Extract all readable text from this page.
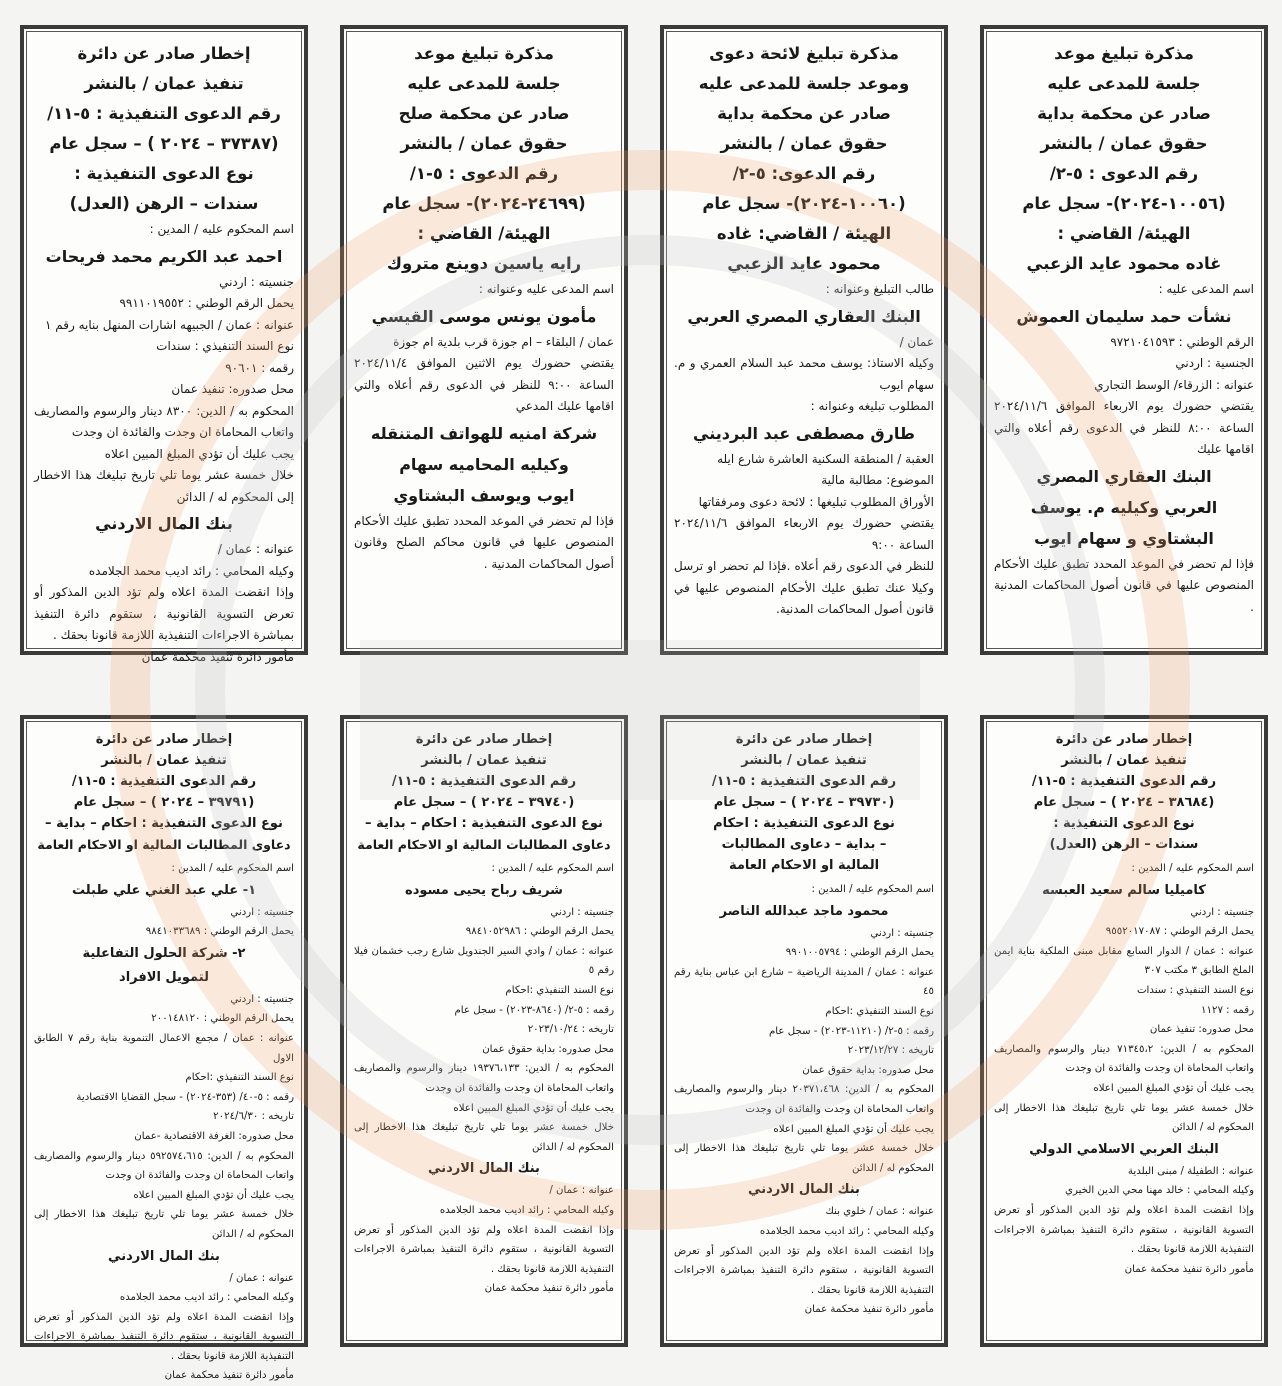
مذكرة تبليغ موعد

جلسة للمدعى عليه

صادر عن محكمة بداية

حقوق عمان / بالنشر

رقم الدعوى : ٥-٢/

(١٠٠٥٦-٢٠٢٤)- سجل عام

الهيئة/ القاضي :

غاده محمود عايد الزعبي

اسم المدعى عليه :

نشأت حمد سليمان العموش

الرقم الوطني : ٩٧٢١٠٤١٥٩٣

الجنسية : اردني

عنوانه : الزرقاء/ الوسط التجاري

يقتضي حضورك يوم الاربعاء الموافق ٢٠٢٤/١١/٦ الساعة ٨:٠٠ للنظر في الدعوى رقم أعلاه والتي اقامها عليك

البنك العقاري المصري

العربي وكيليه م. يوسف

البشتاوي و سهام ايوب

فإذا لم تحضر في الموعد المحدد تطبق عليك الأحكام المنصوص عليها في قانون أصول المحاكمات المدنية .

مذكرة تبليغ لائحة دعوى

وموعد جلسة للمدعى عليه

صادر عن محكمة بداية

حقوق عمان / بالنشر

رقم الدعوى: ٥-٢/

(١٠٠٦٠-٢٠٢٤)- سجل عام

الهيئة / القاضي: غاده

محمود عايد الزعبي

طالب التبليغ وعنوانه :

البنك العقاري المصري العربي

عمان /

وكيله الاستاذ: يوسف محمد عبد السلام العمري و م. سهام ايوب

المطلوب تبليغه وعنوانه :

طارق مصطفى عبد البرديني

العقبة / المنطقة السكنية العاشرة شارع ايله

الموضوع: مطالبة مالية

الأوراق المطلوب تبليغها : لائحة دعوى ومرفقاتها

يقتضي حضورك يوم الاربعاء الموافق ٢٠٢٤/١١/٦ الساعة ٩:٠٠

للنظر في الدعوى رقم أعلاه .فإذا لم تحضر او ترسل وكيلا عنك تطبق عليك الأحكام المنصوص عليها في قانون أصول المحاكمات المدنية.

مذكرة تبليغ موعد

جلسة للمدعى عليه

صادر عن محكمة صلح

حقوق عمان / بالنشر

رقم الدعوى : ٥-١/

(٢٤٦٩٩-٢٠٢٤)- سجل عام

الهيئة/ القاضي :

رايه ياسين دوينع متروك

اسم المدعى عليه وعنوانه :

مأمون يونس موسى القيسي

عمان / البلقاء – ام جوزة قرب بلدية ام جوزة

يقتضي حضورك يوم الاثنين الموافق ٢٠٢٤/١١/٤ الساعة ٩:٠٠ للنظر في الدعوى رقم أعلاه والتي اقامها عليك المدعي

شركة امنيه للهواتف المتنقله

وكيليه المحاميه سهام

ايوب ويوسف البشتاوي

فإذا لم تحضر في الموعد المحدد تطبق عليك الأحكام المنصوص عليها في قانون محاكم الصلح وقانون أصول المحاكمات المدنية .

إخطار صادر عن دائرة

تنفيذ عمان / بالنشر

رقم الدعوى التنفيذية : ٥-١١/

(٣٧٣٨٧ – ٢٠٢٤ ) – سجل عام

نوع الدعوى التنفيذية :

سندات – الرهن (العدل)

اسم المحكوم عليه / المدين :

احمد عبد الكريم محمد فريحات

جنسيته : اردني

يحمل الرقم الوطني : ٩٩١١٠١٩٥٥٢

عنوانه : عمان / الجبيهه اشارات المنهل بنايه رقم ١

نوع السند التنفيذي : سندات

رقمه : ٩٠٦٠١

محل صدوره: تنفيذ عمان

المحكوم به / الدين: ٨٣٠٠ دينار والرسوم والمصاريف واتعاب المحاماة ان وجدت والفائدة ان وجدت

يجب عليك أن تؤدي المبلغ المبين اعلاه

خلال خمسة عشر يوما تلي تاريخ تبليغك هذا الاخطار إلى المحكوم له / الدائن

بنك المال الاردني

عنوانه : عمان /

وكيله المحامي : رائد اديب محمد الجلامده

وإذا انقضت المدة اعلاه ولم تؤد الدين المذكور أو تعرض التسوية القانونية ، ستقوم دائرة التنفيذ بمباشرة الاجراءات التنفيذية اللازمة قانونا بحقك .

مأمور دائرة تنفيذ محكمة عمان

إخطار صادر عن دائرة

تنفيذ عمان / بالنشر

رقم الدعوى التنفيذية : ٥-١١/

(٣٨٦٨٤ – ٢٠٢٤ ) – سجل عام

نوع الدعوى التنفيذية :

سندات – الرهن (العدل)

اسم المحكوم عليه / المدين :

كاميليا سالم سعيد العبسه

جنسيته : اردني

يحمل الرقم الوطني : ٩٥٥٢٠١٧٠٨٧

عنوانه : عمان / الدوار السابع مقابل مبنى الملكية بناية ايمن الملخ الطابق ٣ مكتب ٣٠٧

نوع السند التنفيذي : سندات

رقمه : ١١٢٧

محل صدوره: تنفيذ عمان

المحكوم به / الدين: ٧١٣٤٥،٢ دينار والرسوم والمصاريف واتعاب المحاماة ان وجدت والفائدة ان وجدت

يجب عليك أن تؤدي المبلغ المبين اعلاه

خلال خمسة عشر يوما تلي تاريخ تبليغك هذا الاخطار إلى المحكوم له / الدائن

البنك العربي الاسلامي الدولي

عنوانه : الطفيلة / مبنى البلدية

وكيله المحامي : خالد مهنا محي الدين الخيري

وإذا انقضت المدة اعلاه ولم تؤد الدين المذكور أو تعرض التسوية القانونية ، ستقوم دائرة التنفيذ بمباشرة الاجراءات التنفيذية اللازمة قانونا بحقك .

مأمور دائرة تنفيذ محكمة عمان

إخطار صادر عن دائرة

تنفيذ عمان / بالنشر

رقم الدعوى التنفيذية : ٥-١١/

(٣٩٧٣٠ – ٢٠٢٤ ) – سجل عام

نوع الدعوى التنفيذية : احكام

– بداية – دعاوى المطالبات

المالية او الاحكام العامة

اسم المحكوم عليه / المدين :

محمود ماجد عبدالله الناصر

جنسيته : اردني

يحمل الرقم الوطني : ٩٩٠١٠٠٥٧٩٤

عنوانه : عمان / المدينة الرياضية – شارع ابن عباس بناية رقم ٤٥

نوع السند التنفيذي :احكام

رقمه : ٥-٢/ (١١٢١٠-٢٠٢٣) - سجل عام

تاريخه : ٢٠٢٣/١٢/٢٧

محل صدوره: بداية حقوق عمان

المحكوم به / الدين: ٢٠٣٧١،٤٦٨ دينار والرسوم والمصاريف واتعاب المحاماة ان وجدت والفائدة ان وجدت

يجب عليك أن تؤدي المبلغ المبين اعلاه

خلال خمسة عشر يوما تلي تاريخ تبليغك هذا الاخطار إلى المحكوم له / الدائن

بنك المال الاردني

عنوانه : عمان / خلوي بنك

وكيله المحامي : رائد اديب محمد الجلامده

وإذا انقضت المدة اعلاه ولم تؤد الدين المذكور أو تعرض التسوية القانونية ، ستقوم دائرة التنفيذ بمباشرة الاجراءات التنفيذية اللازمة قانونا بحقك .

مأمور دائرة تنفيذ محكمة عمان

إخطار صادر عن دائرة

تنفيذ عمان / بالنشر

رقم الدعوى التنفيذية : ٥-١١/

(٣٩٧٤٠ – ٢٠٢٤ ) – سجل عام

نوع الدعوى التنفيذية : احكام – بداية –

دعاوى المطالبات المالية او الاحكام العامة

اسم المحكوم عليه / المدين :

شريف رباح يحيى مسوده

جنسيته : اردني

يحمل الرقم الوطني : ٩٨٤١٠٥٢٩٨٦

عنوانه : عمان / وادي السير الجندويل شارع رجب خشمان فيلا رقم ٥

نوع السند التنفيذي :احكام

رقمه : ٥-٢/ (٨٦٤٠-٢٠٢٣) - سجل عام

تاريخه : ٢٠٢٣/١٠/٢٤

محل صدوره: بداية حقوق عمان

المحكوم به / الدين: ١٩٣٧٦،١٣٣ دينار والرسوم والمصاريف واتعاب المحاماة ان وجدت والفائدة ان وجدت

يجب عليك أن تؤدي المبلغ المبين اعلاه

خلال خمسة عشر يوما تلي تاريخ تبليغك هذا الاخطار إلى المحكوم له / الدائن

بنك المال الاردني

عنوانه : عمان /

وكيله المحامي : رائد اديب محمد الجلامده

وإذا انقضت المدة اعلاه ولم تؤد الدين المذكور أو تعرض التسوية القانونية ، ستقوم دائرة التنفيذ بمباشرة الاجراءات التنفيذية اللازمة قانونا بحقك .

مأمور دائرة تنفيذ محكمة عمان

إخطار صادر عن دائرة

تنفيذ عمان / بالنشر

رقم الدعوى التنفيذية : ٥-١١/

(٣٩٧٩١ – ٢٠٢٤ ) – سجل عام

نوع الدعوى التنفيذية : احكام – بداية –

دعاوى المطالبات المالية او الاحكام العامة

اسم المحكوم عليه / المدين :

١- علي عبد الغني علي طبلت

جنسيته : اردني

يحمل الرقم الوطني : ٩٨٤١٠٣٣٦٨٩

٢- شركة الحلول التفاعلية

لتمويل الافراد

جنسيته : اردني

يحمل الرقم الوطني : ٢٠٠١٤٨١٢٠

عنوانه : عمان / مجمع الاعمال التنموية بناية رقم ٧ الطابق الاول

نوع السند التنفيذي :احكام

رقمه : ٥-٤٠/ (٣٥٣-٢٠٢٤) - سجل القضايا الاقتصادية

تاريخه : ٢٠٢٤/٦/٣٠

محل صدوره: الغرفة الاقتصادية -عمان

المحكوم به / الدين: ٥٩٢٥٧٤،٦١٥ دينار والرسوم والمصاريف واتعاب المحاماة ان وجدت والفائدة ان وجدت

يجب عليك أن تؤدي المبلغ المبين اعلاه

خلال خمسة عشر يوما تلي تاريخ تبليغك هذا الاخطار إلى المحكوم له / الدائن

بنك المال الاردني

عنوانه : عمان /

وكيله المحامي : رائد اديب محمد الجلامده

وإذا انقضت المدة اعلاه ولم تؤد الدين المذكور أو تعرض التسوية القانونية ، ستقوم دائرة التنفيذ بمباشرة الاجراءات التنفيذية اللازمة قانونا بحقك .

مأمور دائرة تنفيذ محكمة عمان
